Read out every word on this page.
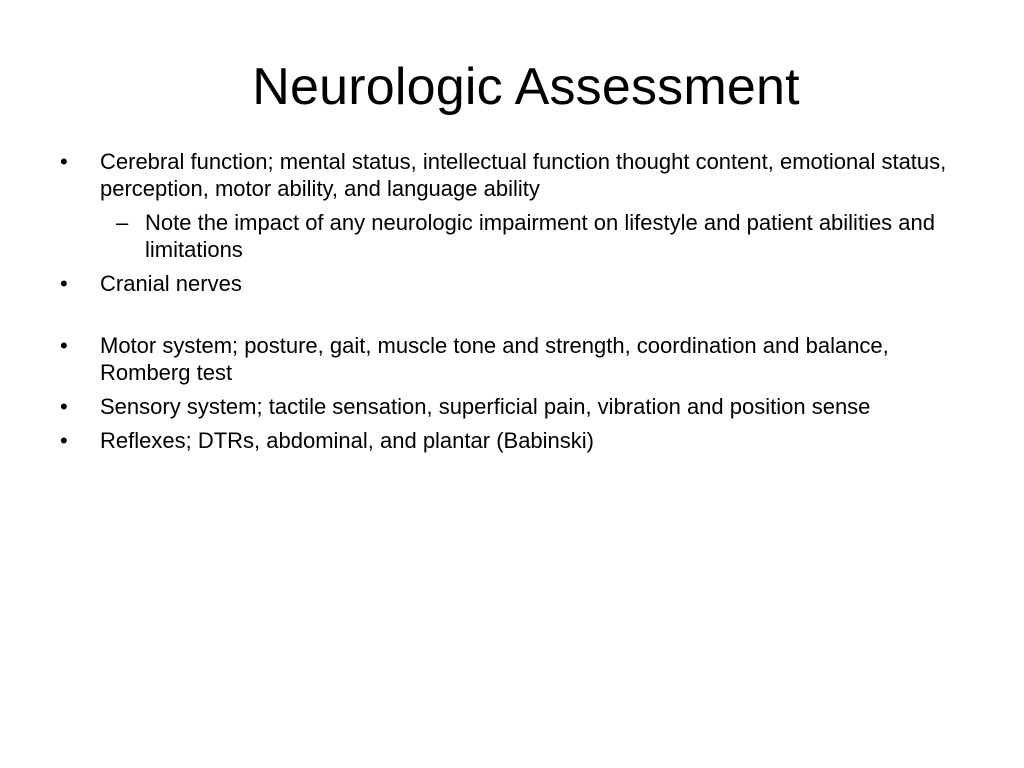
Neurologic Assessment
• Cerebral function; mental status, intellectual function thought content, emotional status, perception, motor ability, and language ability
– Note the impact of any neurologic impairment on lifestyle and patient abilities and limitations
• Cranial nerves
• Motor system; posture, gait, muscle tone and strength, coordination and balance, Romberg test
• Sensory system; tactile sensation, superficial pain, vibration and position sense
• Reflexes; DTRs, abdominal, and plantar (Babinski)
